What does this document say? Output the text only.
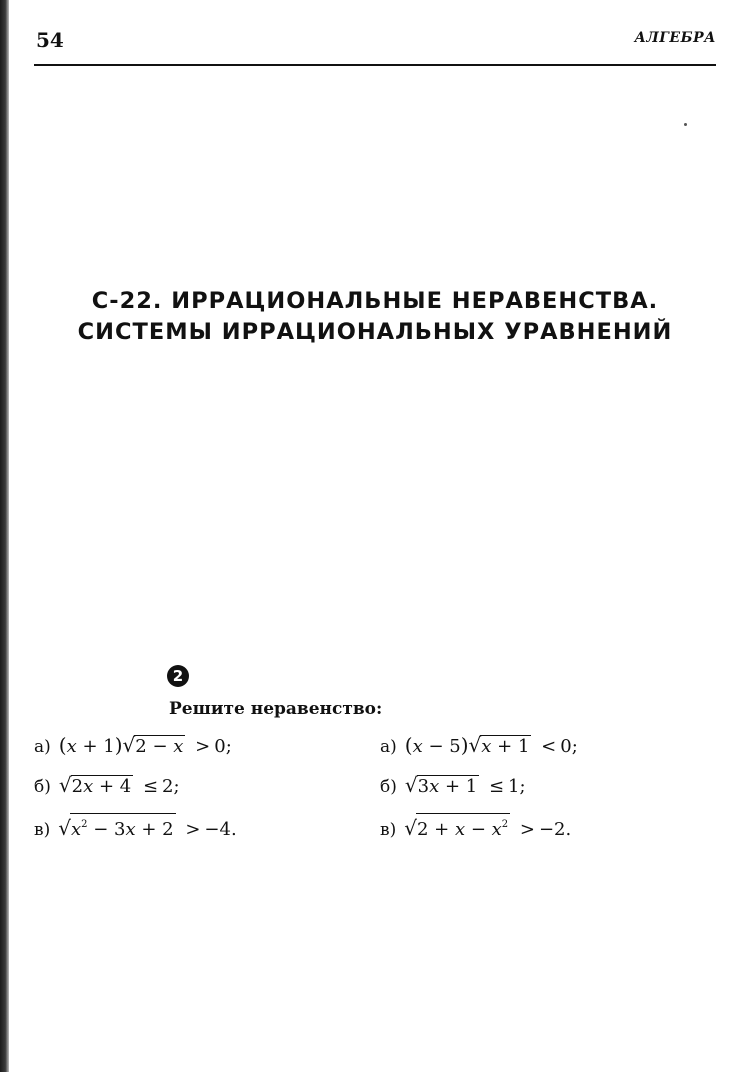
54	АЛГЕБРА
С-22. ИРРАЦИОНАЛЬНЫЕ НЕРАВЕНСТВА.
СИСТЕМЫ ИРРАЦИОНАЛЬНЫХ УРАВНЕНИЙ
2
Решите неравенство:
а) (x + 1) √ 2 − x > 0;
б) √ 2x + 4 ≤ 2;
в) √ $x^2 - 3x + 2 > -4$.
а) (x − 5) √ x + 1 < 0;
б) √ 3x + 1 ≤ 1;
в) √ $2 + x - x^2 > -2$.
